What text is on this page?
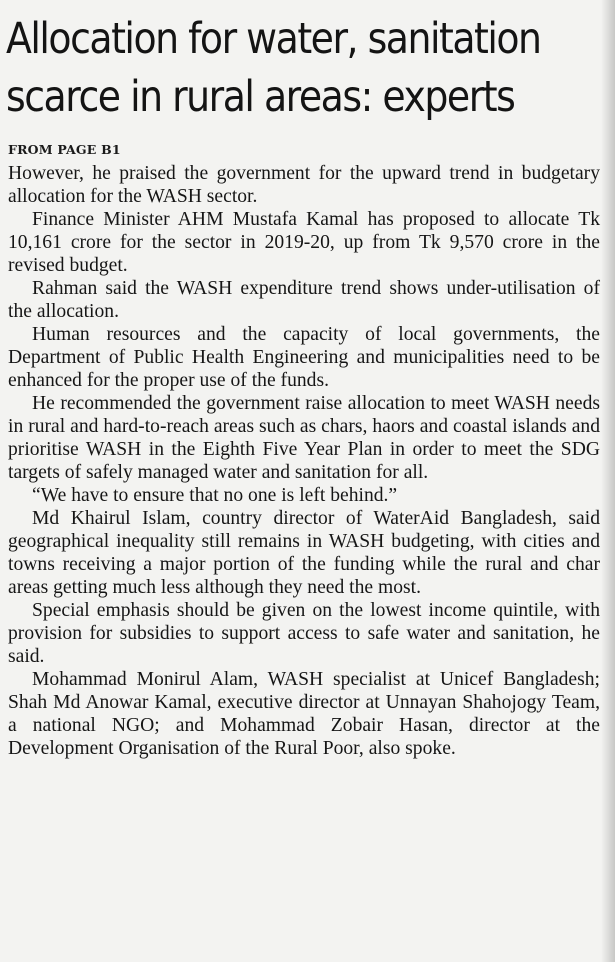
Allocation for water, sanitation
scarce in rural areas: experts

FROM PAGE B1

However, he praised the government for the upward trend in budgetary allocation for the WASH sector.

Finance Minister AHM Mustafa Kamal has proposed to allocate Tk 10,161 crore for the sector in 2019-20, up from Tk 9,570 crore in the revised budget.

Rahman said the WASH expenditure trend shows under-utilisation of the allocation.

Human resources and the capacity of local governments, the Department of Public Health Engineering and municipalities need to be enhanced for the proper use of the funds.

He recommended the government raise allocation to meet WASH needs in rural and hard-to-reach areas such as chars, haors and coastal islands and prioritise WASH in the Eighth Five Year Plan in order to meet the SDG targets of safely managed water and sanitation for all.

“We have to ensure that no one is left behind.”

Md Khairul Islam, country director of WaterAid Bangladesh, said geographical inequality still remains in WASH budgeting, with cities and towns receiving a major portion of the funding while the rural and char areas getting much less although they need the most.

Special emphasis should be given on the lowest income quintile, with provision for subsidies to support access to safe water and sanitation, he said.

Mohammad Monirul Alam, WASH specialist at Unicef Bangladesh; Shah Md Anowar Kamal, executive director at Unnayan Shahojogy Team, a national NGO; and Mohammad Zobair Hasan, director at the Development Organisation of the Rural Poor, also spoke.
